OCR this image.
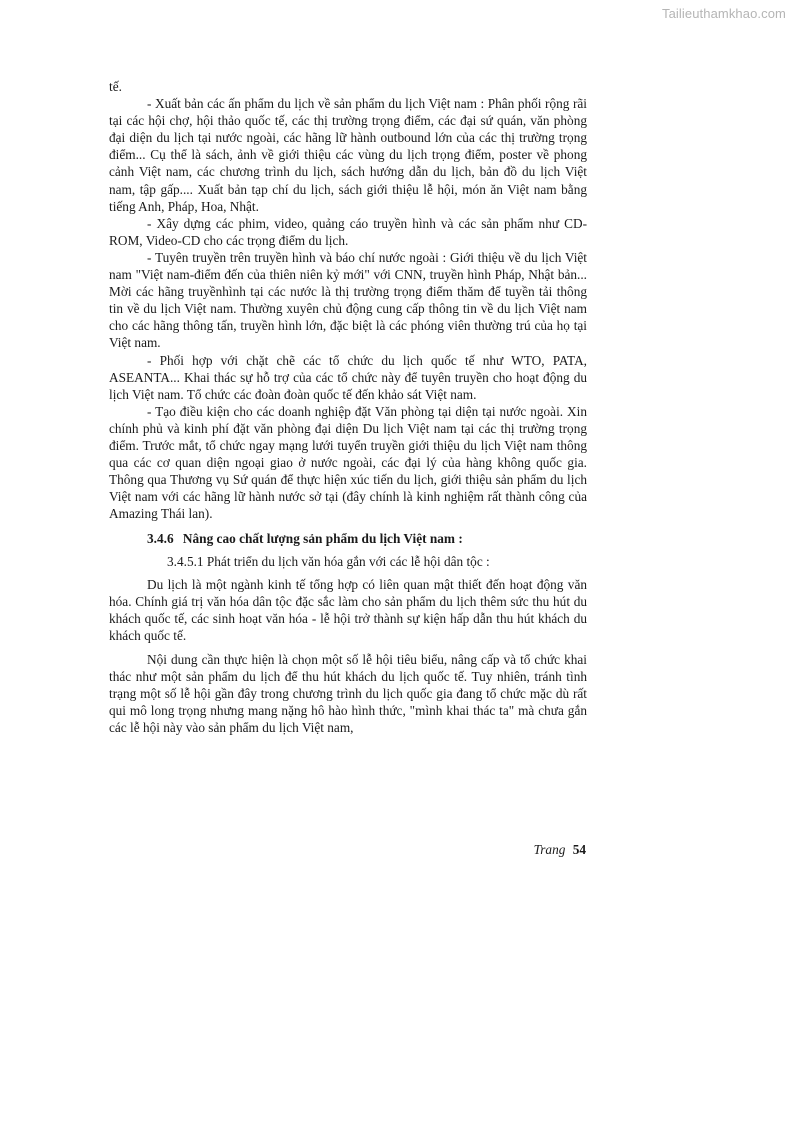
Tailieuthamkhao.com

tế.

- Xuất bản các ấn phẩm du lịch về sản phẩm du lịch Việt nam : Phân phối rộng rãi tại các hội chợ, hội thảo quốc tế, các thị trường trọng điểm, các đại sứ quán, văn phòng đại diện du lịch tại nước ngoài, các hãng lữ hành outbound lớn của các thị trường trọng điểm... Cụ thể là sách, ảnh về giới thiệu các vùng du lịch trọng điểm, poster về phong cảnh Việt nam, các chương trình du lịch, sách hướng dẫn du lịch, bản đồ du lịch Việt nam, tập gấp.... Xuất bản tạp chí du lịch, sách giới thiệu lễ hội, món ăn Việt nam bằng tiếng Anh, Pháp, Hoa, Nhật.

- Xây dựng các phim, video, quảng cáo truyền hình và các sản phẩm như CD-ROM, Video-CD cho các trọng điểm du lịch.

- Tuyên truyền trên truyền hình và báo chí nước ngoài : Giới thiệu về du lịch Việt nam "Việt nam-điểm đến của thiên niên kỷ mới" với CNN, truyền hình Pháp, Nhật bản... Mời các hãng truyềnhình tại các nước là thị trường trọng điểm thăm để tuyền tải thông tin về du lịch Việt nam. Thường xuyên chủ động cung cấp thông tin về du lịch Việt nam cho các hãng thông tấn, truyền hình lớn, đặc biệt là các phóng viên thường trú của họ tại Việt nam.

- Phối hợp với chặt chẽ các tổ chức du lịch quốc tế như WTO, PATA, ASEANTA... Khai thác sự hỗ trợ của các tổ chức này để tuyên truyền cho hoạt động du lịch Việt nam. Tổ chức các đoàn đoàn quốc tế đến khảo sát Việt nam.

- Tạo điều kiện cho các doanh nghiệp đặt Văn phòng tại diện tại nước ngoài. Xin chính phủ và kinh phí đặt văn phòng đại diện Du lịch Việt nam tại các thị trường trọng điểm. Trước mắt, tổ chức ngay mạng lưới tuyển truyền giới thiệu du lịch Việt nam thông qua các cơ quan diện ngoại giao ở nước ngoài, các đại lý của hàng không quốc gia. Thông qua Thương vụ Sứ quán để thực hiện xúc tiến du lịch, giới thiệu sản phẩm du lịch Việt nam với các hãng lữ hành nước sở tại (đây chính là kinh nghiệm rất thành công của Amazing Thái lan).

3.4.6 Nâng cao chất lượng sản phẩm du lịch Việt nam :
3.4.5.1 Phát triển du lịch văn hóa gắn với các lễ hội dân tộc :

Du lịch là một ngành kinh tế tổng hợp có liên quan mật thiết đến hoạt động văn hóa. Chính giá trị văn hóa dân tộc đặc sắc làm cho sản phẩm du lịch thêm sức thu hút du khách quốc tế, các sinh hoạt văn hóa - lễ hội trở thành sự kiện hấp dẫn thu hút khách du khách quốc tế.

Nội dung cần thực hiện là chọn một số lễ hội tiêu biểu, nâng cấp và tổ chức khai thác như một sản phẩm du lịch để thu hút khách du lịch quốc tế. Tuy nhiên, tránh tình trạng một số lễ hội gần đây trong chương trình du lịch quốc gia đang tổ chức mặc dù rất qui mô long trọng nhưng mang nặng hô hào hình thức, "mình khai thác ta" mà chưa gắn các lễ hội này vào sản phẩm du lịch Việt nam,

Trang 54
